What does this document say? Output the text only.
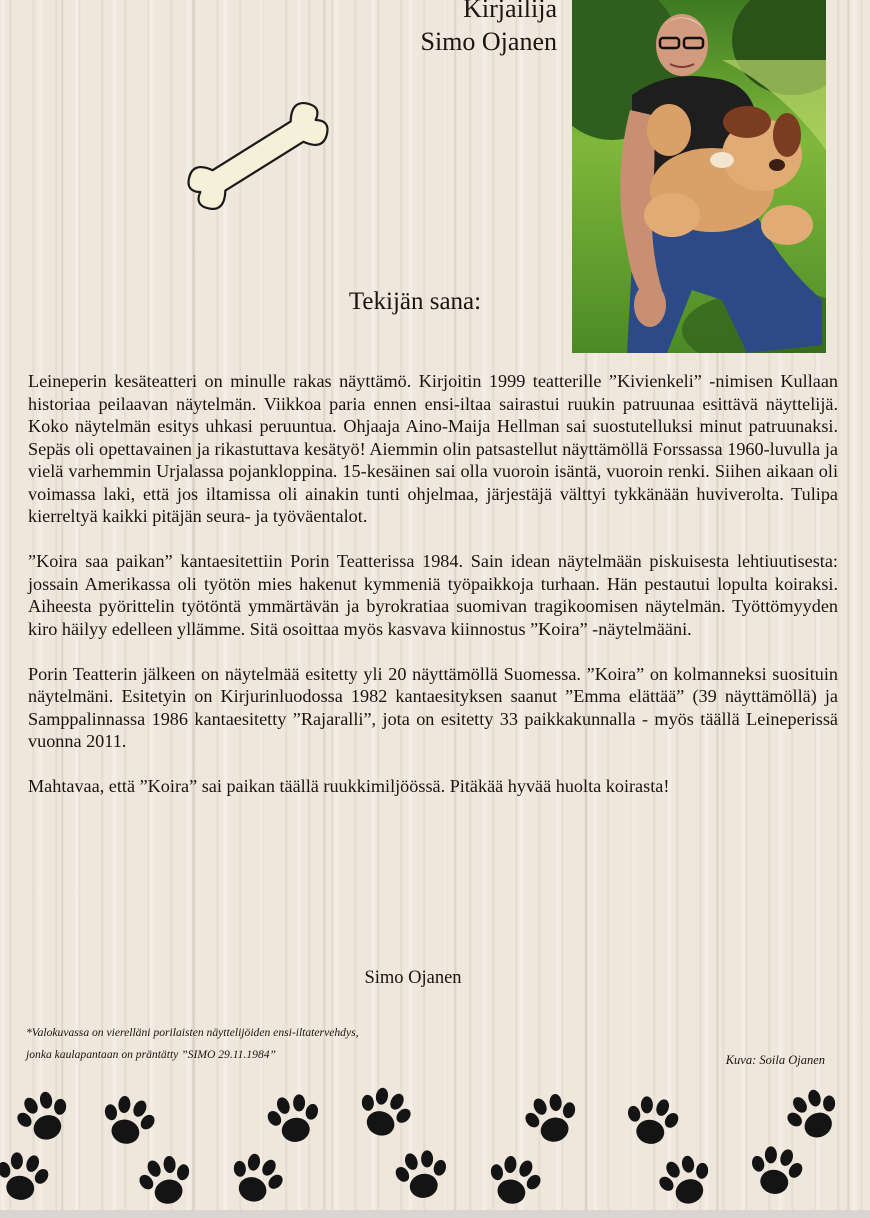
Kirjailija
Simo Ojanen
Tekijän sana:

Leineperin kesäteatteri on minulle rakas näyttämö. Kirjoitin 1999 teatterille ”Kivienkeli” -nimisen Kullaan historiaa peilaavan näytelmän. Viikkoa paria ennen ensi-iltaa sairastui ruukin patruunaa esittävä näyttelijä. Koko näytelmän esitys uhkasi peruuntua. Ohjaaja Aino-Maija Hellman sai suostutelluksi minut patruunaksi. Sepäs oli opettavainen ja rikastuttava kesätyö! Aiemmin olin patsastellut näyttämöllä Forssassa 1960-luvulla ja vielä varhemmin Urjalassa pojankloppina. 15-kesäinen sai olla vuoroin isäntä, vuoroin renki. Siihen aikaan oli voimassa laki, että jos iltamissa oli ainakin tunti ohjelmaa, järjestäjä välttyi tykkänään huviverolta. Tulipa kierreltyä kaikki pitäjän seura- ja työväentalot.

”Koira saa paikan” kantaesitettiin Porin Teatterissa 1984. Sain idean näytelmään piskuisesta lehtiuutisesta: jossain Amerikassa oli työtön mies hakenut kymmeniä työpaikkoja turhaan. Hän pestautui lopulta koiraksi. Aiheesta pyörittelin työtöntä ymmärtävän ja byrokratiaa suomivan tragikoomisen näytelmän. Työttömyyden kiro häilyy edelleen yllämme. Sitä osoittaa myös kasvava kiinnostus ”Koira” -näytelmääni.

Porin Teatterin jälkeen on näytelmää esitetty yli 20 näyttämöllä Suomessa. ”Koira” on kolmanneksi suosituin näytelmäni. Esitetyin on Kirjurinluodossa 1982 kantaesityksen saanut ”Emma elättää” (39 näyttämöllä) ja Samppalinnassa 1986 kantaesitetty ”Rajaralli”, jota on esitetty 33 paikkakunnalla - myös täällä Leineperissä vuonna 2011.

Mahtavaa, että ”Koira” sai paikan täällä ruukkimiljöössä. Pitäkää hyvää huolta koirasta!

Simo Ojanen
*Valokuvassa on vierelläni porilaisten näyttelijöiden ensi-iltatervehdys,
jonka kaulapantaan on präntätty ”SIMO 29.11.1984”	Kuva: Soila Ojanen
